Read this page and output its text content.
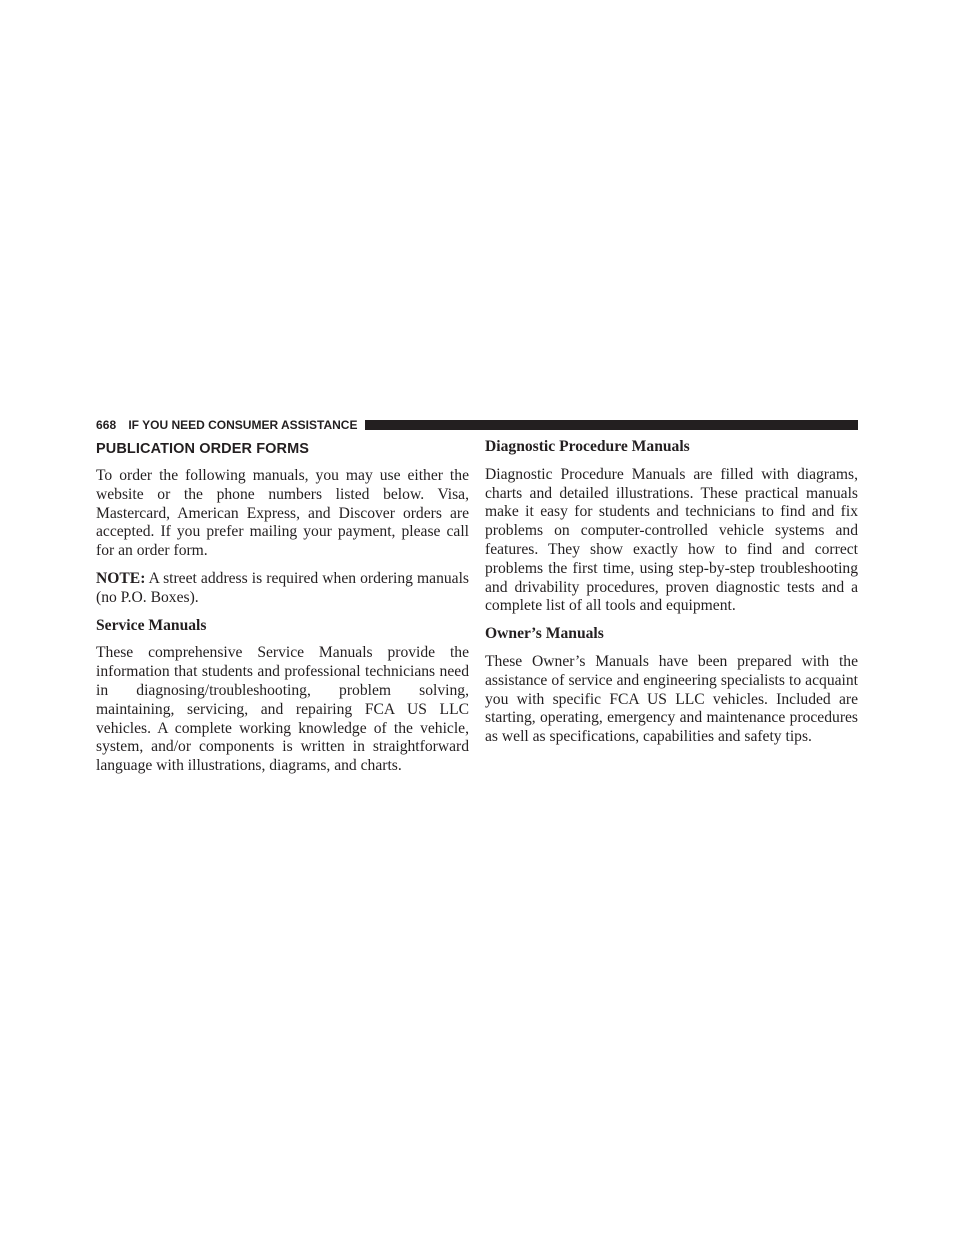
668 IF YOU NEED CONSUMER ASSISTANCE
PUBLICATION ORDER FORMS

To order the following manuals, you may use either the website or the phone numbers listed below. Visa, Mastercard, American Express, and Discover orders are accepted. If you prefer mailing your payment, please call for an order form.

NOTE: A street address is required when ordering manuals (no P.O. Boxes).

Service Manuals

These comprehensive Service Manuals provide the information that students and professional technicians need in diagnosing/troubleshooting, problem solving, maintaining, servicing, and repairing FCA US LLC vehicles. A complete working knowledge of the vehicle, system, and/or components is written in straightforward language with illustrations, diagrams, and charts.

Diagnostic Procedure Manuals

Diagnostic Procedure Manuals are filled with diagrams, charts and detailed illustrations. These practical manuals make it easy for students and technicians to find and fix problems on computer-controlled vehicle systems and features. They show exactly how to find and correct problems the first time, using step-by-step troubleshooting and drivability procedures, proven diagnostic tests and a complete list of all tools and equipment.

Owner’s Manuals

These Owner’s Manuals have been prepared with the assistance of service and engineering specialists to acquaint you with specific FCA US LLC vehicles. Included are starting, operating, emergency and maintenance procedures as well as specifications, capabilities and safety tips.
